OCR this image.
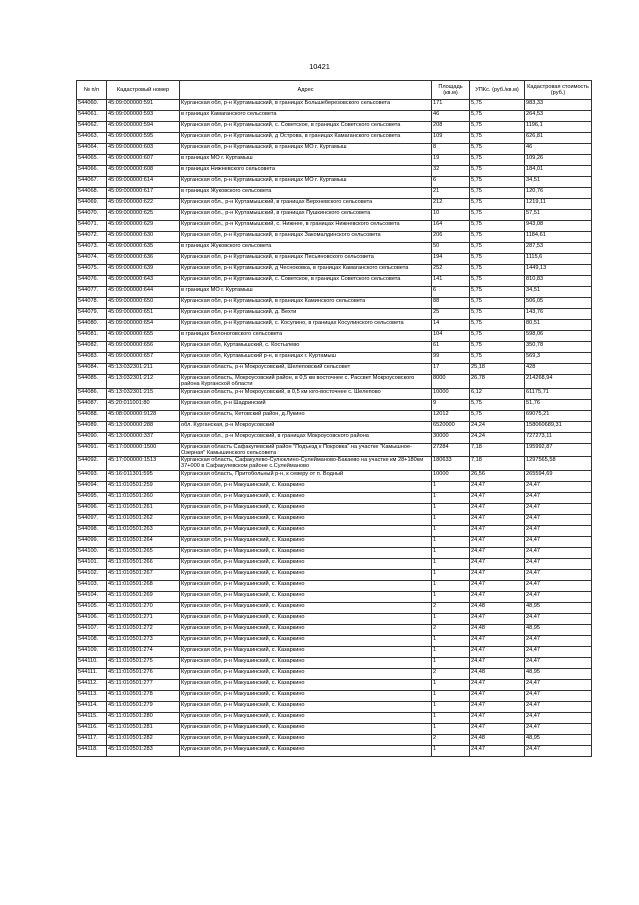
10421
№ п/п	Кадастровый номер	Адрес	Площадь (кв.м)	УПКс. (руб./кв.м)	Кадастровая стоимость (руб.)
544060.	45:09:000000:591	Курганская обл, р-н Куртамышский, в границах Большеберезовского сельсовета	171	5,75	983,33
544061.	45:09:000000:593	в границах Камаганского сельсовета	46	5,75	264,53
544062.	45:09:000000:594	Курганская обл, р-н Куртамышский, с. Советское, в границах Советского сельсовета	208	5,75	1196,1
544063.	45:09:000000:595	Курганская обл, р-н Куртамышский, д Острова, в границах Камаганского сельсовета	109	5,75	626,81
544064.	45:09:000000:603	Курганская обл, р-н Куртамышский, в границах МО г. Куртамыш	8	5,75	46
544065.	45:09:000000:607	в границах МО г. Куртамыш	19	5,75	109,26
544066.	45:09:000000:608	в границах Нижневского сельсовета	32	5,75	184,01
544067.	45:09:000000:614	Курганская обл, р-н Куртамышский, в границах МО г. Куртамыш	6	5,75	34,51
544068.	45:09:000000:617	в границах Жуковского сельсовета	21	5,75	120,76
544069.	45:09:000000:622	Курганская обл., р-н Куртамышский, в границах Верхневского сельсовета	212	5,75	1219,11
544070.	45:09:000000:625	Курганская обл., р-н Куртамышский, в границах Пушкинского сельсовета	10	5,75	57,51
544071.	45:09:000000:629	Курганская обл., р-н Куртамышский, с. Нижнее, в границах Нижневского сельсовета	164	5,75	943,08
544072.	45:09:000000:630	Курганская обл, р-н Куртамышский, в границах Закомалдинского сельсовета	206	5,75	1184,61
544073.	45:09:000000:635	в границах Жуковского сельсовета	50	5,75	287,53
544074.	45:09:000000:636	Курганская обл, р-н Куртамышский, в границах Песьяновского сельсовета	194	5,75	1115,6
544075.	45:09:000000:639	Курганская обл, р-н Куртамышский, д Чесноковка, в границах Камаганского сельсовета	252	5,75	1449,13
544076.	45:09:000000:643	Курганская обл, р-н Куртамышский, с. Советское, в границах Советского сельсовета	141	5,75	810,83
544077.	45:09:000000:644	в границах МО г. Куртамыш	6	5,75	34,51
544078.	45:09:000000:650	Курганская обл, р-н Куртамышский, в границах Каминского сельсовета	88	5,75	506,05
544079.	45:09:000000:651	Курганская обл, р-н Куртамышский, д. Вехти	25	5,75	143,76
544080.	45:09:000000:654	Курганская обл, р-н Куртамышский, с. Косулино, в границах Косулинского сельсовета	14	5,75	80,51
544081.	45:09:000000:655	в границах Белоноговского сельсовета	104	5,75	598,06
544082.	45:09:000000:656	Курганская обл, Куртамышский, с. Костылево	61	5,75	350,78
544083.	45:09:000000:657	Курганская обл, Куртамышский р-н, в границах г. Куртамыш	99	5,75	569,3
544084.	45:13:032301:211	Курганская область, р-н Мокроусовский, Шелеповский сельсовет	17	25,18	428
544085.	45:13:032301:212	Курганская область, Мокроусовский район, в 0,5 км восточнее с. Рассвет Мокроусовского района Курганской области	8000	26,78	214268,94
544086.	45:13:032301:215	Курганская область, р-н Мокроусовский, в 0,5 км юго-восточнее с. Шелепово	10000	6,12	61175,71
544087.	45:20:011001:80	Курганская обл, р-н Шадринский	9	5,75	51,76
544088.	45:08:000000:9128	Курганская область, Кетовский район, д.Лукино	12012	5,75	69075,21
544089.	45:13:000000:288	обл. Курганская, р-н Мокроусовский	6520000	24,24	158060689,31
544090.	45:13:000000:337	Курганская обл., р-н Мокроусовский, в границах Мокроусовского района	30000	24,24	727273,11
544091.	45:17:000000:1500	Курганская область Сафакулевский район "Подъезд к Покровка" на участке "Камышное-Озерная" Камышинского сельсовета	27284	7,18	195992,87
544092.	45:17:000000:1513	Курганская область, Сафакулево-Сулюклино-Сулейманово-Бакаево на участке км 28+180км 37+000 в Сафакулевском районе с.Сулейманово	180633	7,18	1297565,58
544093.	45:16:011301:595	Курганская область, Притобольный р-н, к северу от п. Водный	10000	26,56	265594,69
544094.	45:11:010501:259	Курганская обл, р-н Макушинский, с. Казаркино	1	24,47	24,47
544095.	45:11:010501:260	Курганская обл, р-н Макушинский, с. Казаркино	1	24,47	24,47
544096.	45:11:010501:261	Курганская обл, р-н Макушинский, с. Казаркино	1	24,47	24,47
544097.	45:11:010501:262	Курганская обл, р-н Макушинский, с. Казаркино	1	24,47	24,47
544098.	45:11:010501:263	Курганская обл, р-н Макушинский, с. Казаркино	1	24,47	24,47
544099.	45:11:010501:264	Курганская обл, р-н Макушинский, с. Казаркино	1	24,47	24,47
544100.	45:11:010501:265	Курганская обл, р-н Макушинский, с. Казаркино	1	24,47	24,47
544101.	45:11:010501:266	Курганская обл, р-н Макушинский, с. Казаркино	1	24,47	24,47
544102.	45:11:010501:267	Курганская обл, р-н Макушинский, с. Казаркино	1	24,47	24,47
544103.	45:11:010501:268	Курганская обл, р-н Макушинский, с. Казаркино	1	24,47	24,47
544104.	45:11:010501:269	Курганская обл, р-н Макушинский, с. Казаркино	1	24,47	24,47
544105.	45:11:010501:270	Курганская обл, р-н Макушинский, с. Казаркино	2	24,48	48,95
544106.	45:11:010501:271	Курганская обл, р-н Макушинский, с. Казаркино	1	24,47	24,47
544107.	45:11:010501:272	Курганская обл, р-н Макушинский, с. Казаркино	2	24,48	48,95
544108.	45:11:010501:273	Курганская обл, р-н Макушинский, с. Казаркино	1	24,47	24,47
544109.	45:11:010501:274	Курганская обл, р-н Макушинский, с. Казаркино	1	24,47	24,47
544110.	45:11:010501:275	Курганская обл, р-н Макушинский, с. Казаркино	1	24,47	24,47
544111.	45:11:010501:276	Курганская обл, р-н Макушинский, с. Казаркино	2	24,48	48,95
544112.	45:11:010501:277	Курганская обл, р-н Макушинский, с. Казаркино	1	24,47	24,47
544113.	45:11:010501:278	Курганская обл, р-н Макушинский, с. Казаркино	1	24,47	24,47
544114.	45:11:010501:279	Курганская обл, р-н Макушинский, с. Казаркино	1	24,47	24,47
544115.	45:11:010501:280	Курганская обл, р-н Макушинский, с. Казаркино	1	24,47	24,47
544116.	45:11:010501:281	Курганская обл, р-н Макушинский, с. Казаркино	1	24,47	24,47
544117.	45:11:010501:282	Курганская обл, р-н Макушинский, с. Казаркино	2	24,48	48,95
544118.	45:11:010501:283	Курганская обл, р-н Макушинский, с. Казаркино	1	24,47	24,47
